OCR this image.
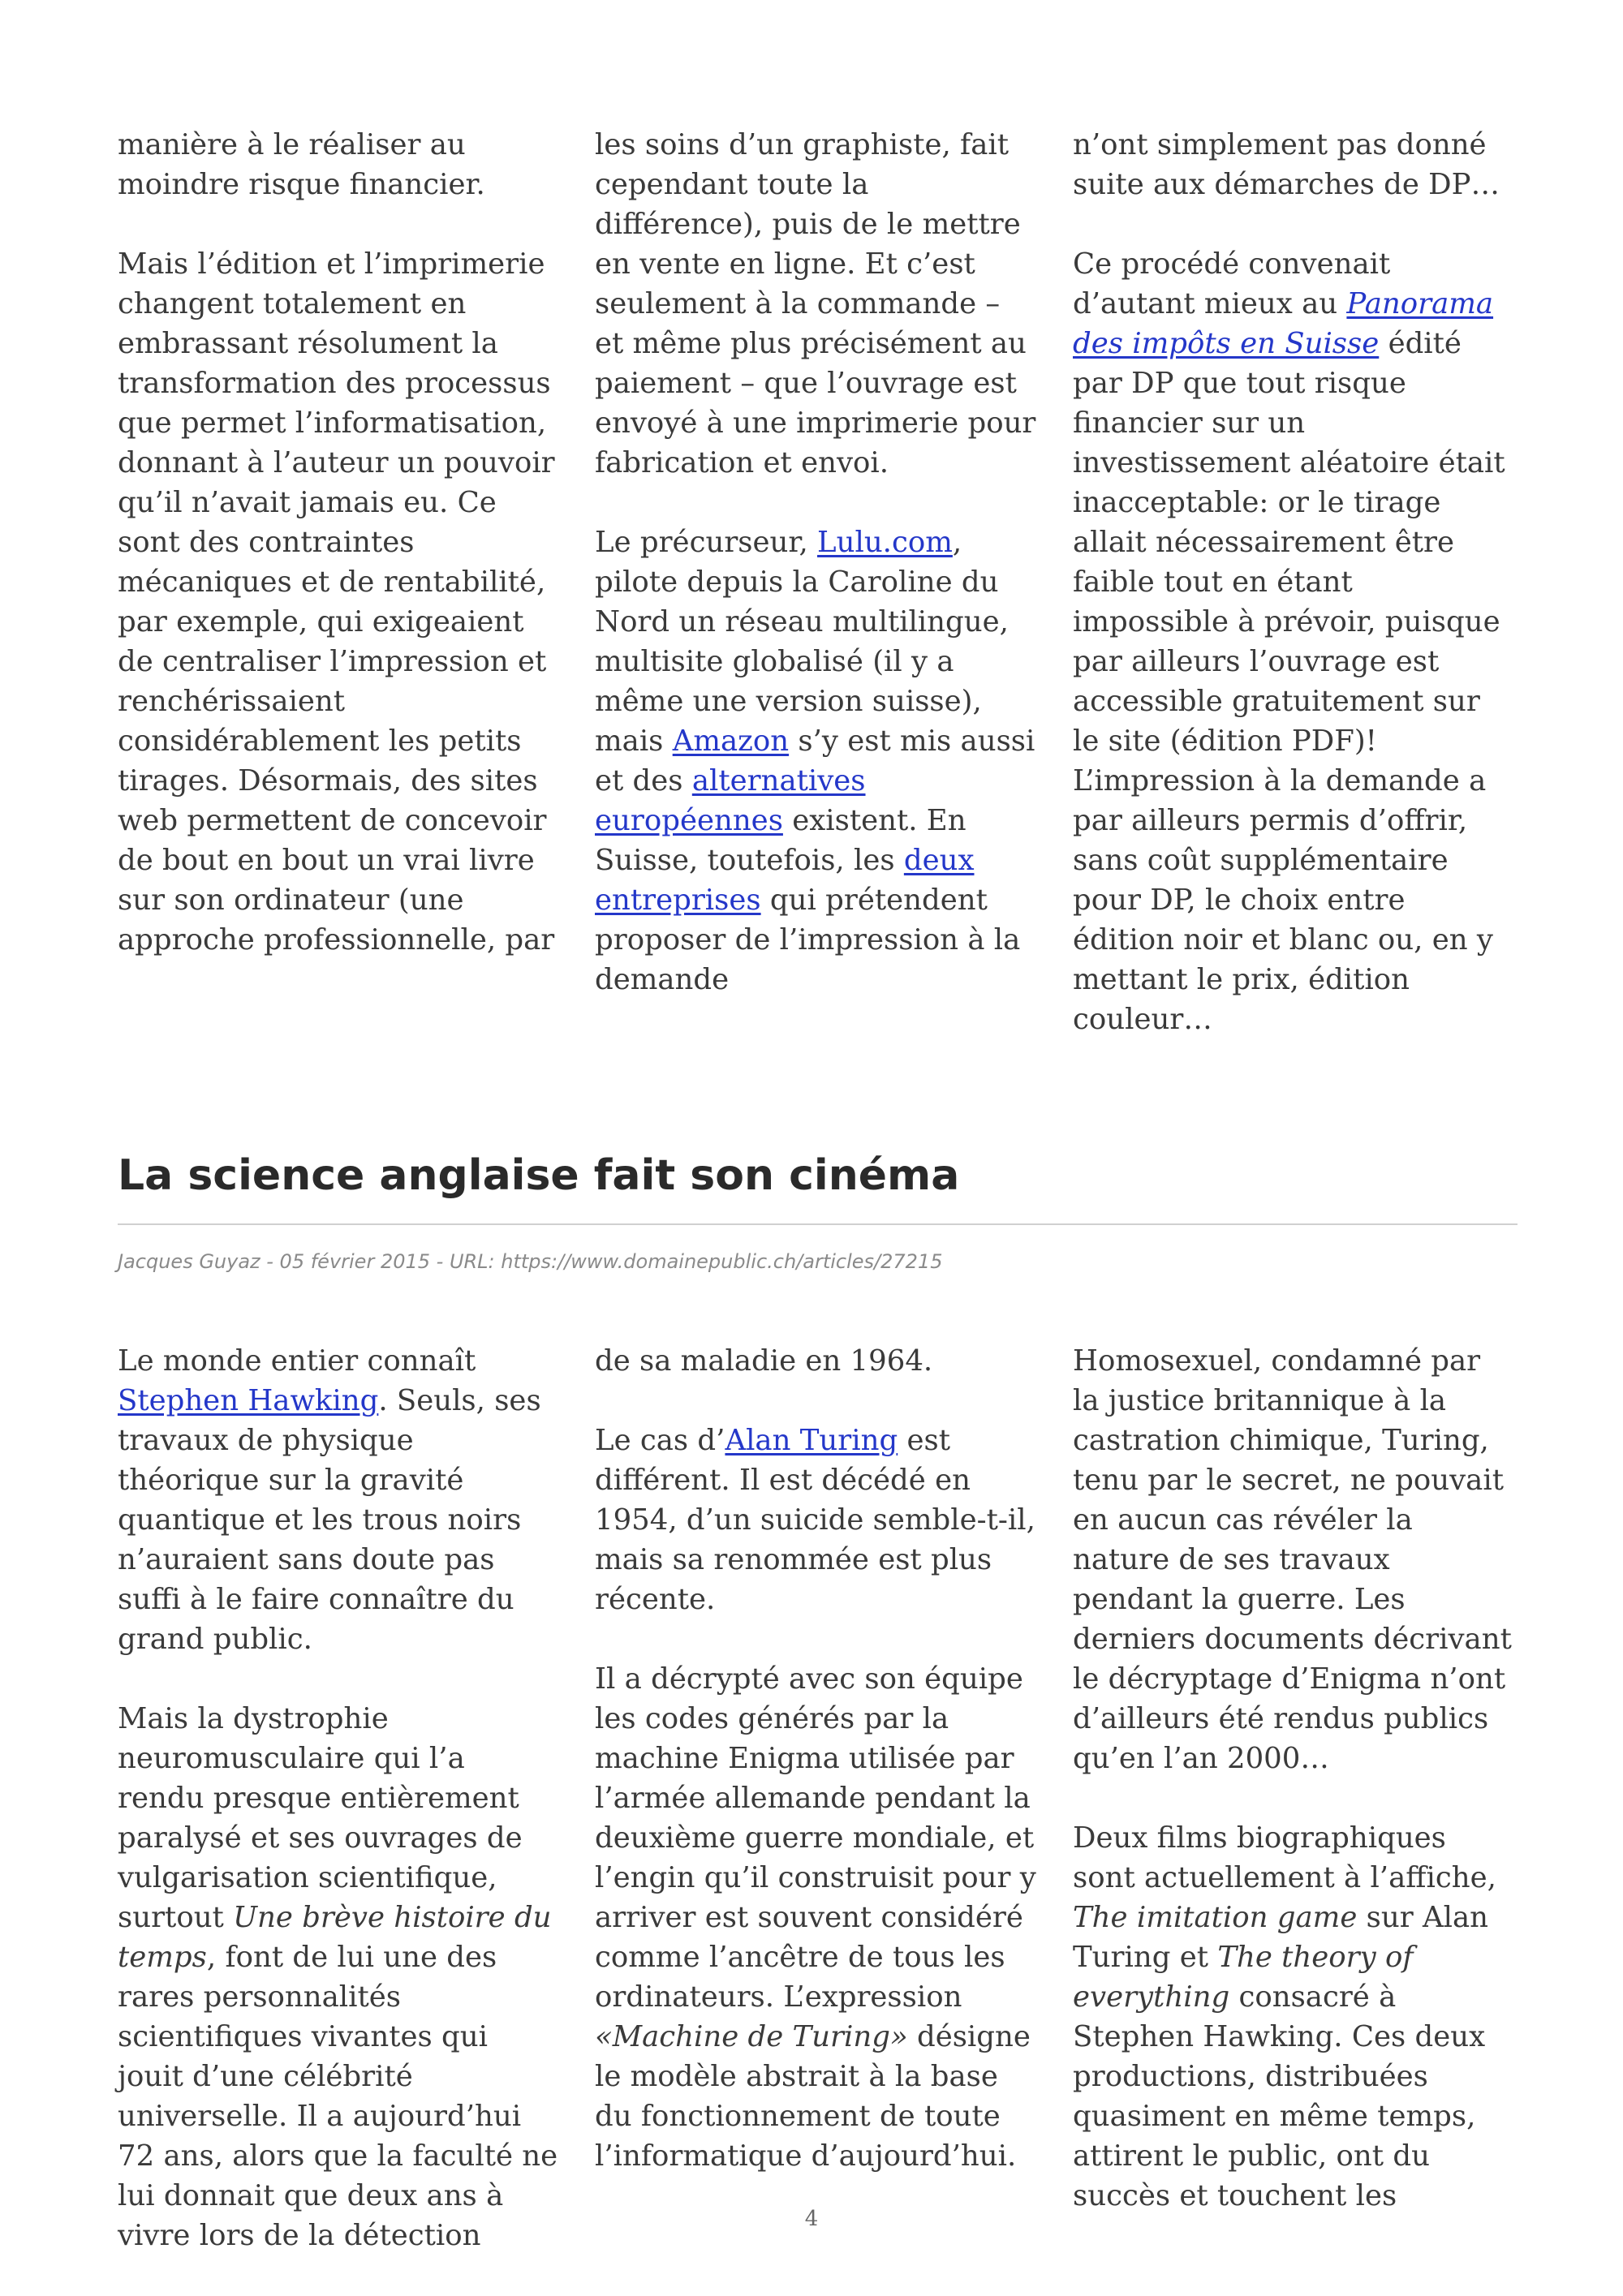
manière à le réaliser au moindre risque financier.

Mais l’édition et l’imprimerie changent totalement en embrassant résolument la transformation des processus que permet l’informatisation, donnant à l’auteur un pouvoir qu’il n’avait jamais eu. Ce sont des contraintes mécaniques et de rentabilité, par exemple, qui exigeaient de centraliser l’impression et renchérissaient considérablement les petits tirages. Désormais, des sites web permettent de concevoir de bout en bout un vrai livre sur son ordinateur (une approche professionnelle, par

les soins d’un graphiste, fait cependant toute la différence), puis de le mettre en vente en ligne. Et c’est seulement à la commande – et même plus précisément au paiement – que l’ouvrage est envoyé à une imprimerie pour fabrication et envoi.

Le précurseur, Lulu.com, pilote depuis la Caroline du Nord un réseau multilingue, multisite globalisé (il y a même une version suisse), mais Amazon s’y est mis aussi et des alternatives européennes existent. En Suisse, toutefois, les deux entreprises qui prétendent proposer de l’impression à la demande

n’ont simplement pas donné suite aux démarches de DP…

Ce procédé convenait d’autant mieux au Panorama des impôts en Suisse édité par DP que tout risque financier sur un investissement aléatoire était inacceptable: or le tirage allait nécessairement être faible tout en étant impossible à prévoir, puisque par ailleurs l’ouvrage est accessible gratuitement sur le site (édition PDF)! L’impression à la demande a par ailleurs permis d’offrir, sans coût supplémentaire pour DP, le choix entre édition noir et blanc ou, en y mettant le prix, édition couleur…

La science anglaise fait son cinéma
Jacques Guyaz - 05 février 2015 - URL: https://www.domainepublic.ch/articles/27215

Le monde entier connaît Stephen Hawking. Seuls, ses travaux de physique théorique sur la gravité quantique et les trous noirs n’auraient sans doute pas suffi à le faire connaître du grand public.

Mais la dystrophie neuromusculaire qui l’a rendu presque entièrement paralysé et ses ouvrages de vulgarisation scientifique, surtout Une brève histoire du temps, font de lui une des rares personnalités scientifiques vivantes qui jouit d’une célébrité universelle. Il a aujourd’hui 72 ans, alors que la faculté ne lui donnait que deux ans à vivre lors de la détection

de sa maladie en 1964.

Le cas d’Alan Turing est différent. Il est décédé en 1954, d’un suicide semble-t-il, mais sa renommée est plus récente.

Il a décrypté avec son équipe les codes générés par la machine Enigma utilisée par l’armée allemande pendant la deuxième guerre mondiale, et l’engin qu’il construisit pour y arriver est souvent considéré comme l’ancêtre de tous les ordinateurs. L’expression «Machine de Turing» désigne le modèle abstrait à la base du fonctionnement de toute l’informatique d’aujourd’hui.

Homosexuel, condamné par la justice britannique à la castration chimique, Turing, tenu par le secret, ne pouvait en aucun cas révéler la nature de ses travaux pendant la guerre. Les derniers documents décrivant le décryptage d’Enigma n’ont d’ailleurs été rendus publics qu’en l’an 2000…

Deux films biographiques sont actuellement à l’affiche, The imitation game sur Alan Turing et The theory of everything consacré à Stephen Hawking. Ces deux productions, distribuées quasiment en même temps, attirent le public, ont du succès et touchent les

4
